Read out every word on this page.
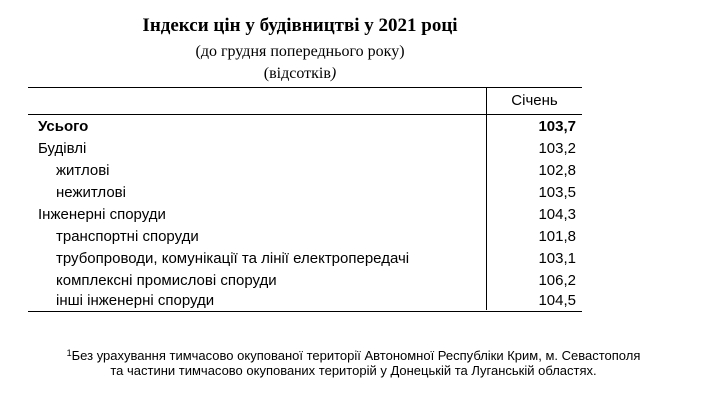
Індекси цін у будівництві у 2021 році
(до грудня попереднього року)
(відсотків)
Січень
Усього	103,7
Будівлі	103,2
житлові	102,8
нежитлові	103,5
Інженерні споруди	104,3
транспортні споруди	101,8
трубопроводи, комунікації та лінії електропередачі	103,1
комплексні промислові споруди	106,2
інші інженерні споруди	104,5
$^1$Без урахування тимчасово окупованої території Автономної Республіки Крим, м. Севастополя
та частини тимчасово окупованих територій у Донецькій та Луганській областях.
